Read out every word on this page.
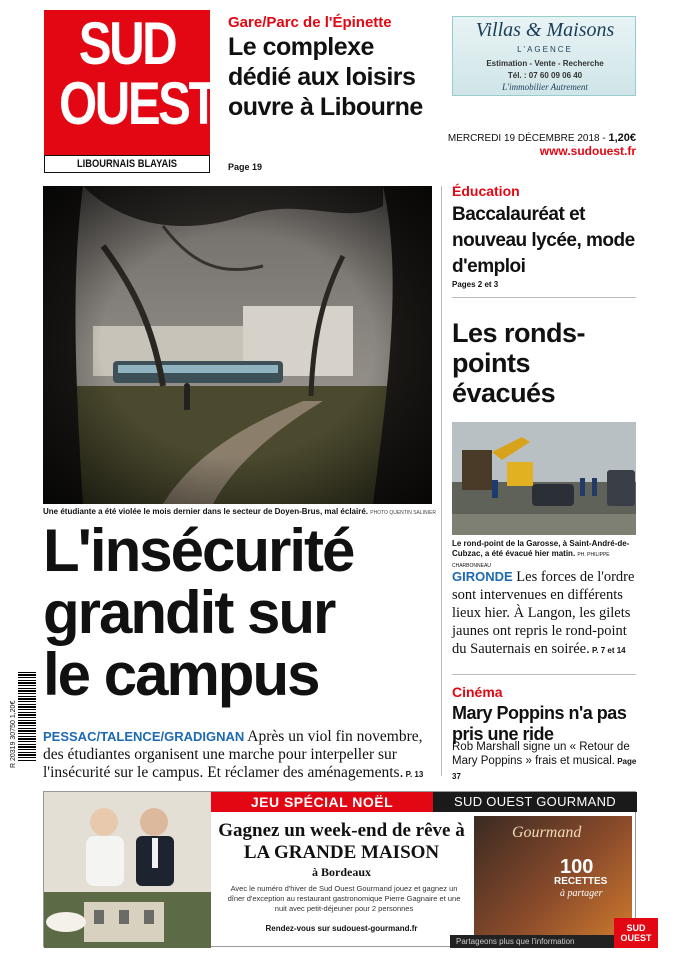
SUD
OUEST
LIBOURNAIS BLAYAIS
Gare/Parc de l'Épinette
Le complexe dédié aux loisirs ouvre à Libourne
Page 19
Villas & Maisons
L'AGENCE
Estimation - Vente - Recherche
Tél. : 07 60 09 06 40
L'immobilier Autrement
MERCREDI 19 DÉCEMBRE 2018 - 1,20€
www.sudouest.fr
Une étudiante a été violée le mois dernier dans le secteur de Doyen-Brus, mal éclairé. PHOTO QUENTIN SALINIER
L'insécurité
grandit sur
le campus
PESSAC/TALENCE/GRADIGNAN Après un viol fin novembre, des étudiantes organisent une marche pour interpeller sur l'insécurité sur le campus. Et réclamer des aménagements. P. 13
R 20319 30750 1,20€
Éducation
Baccalauréat et nouveau lycée, mode d'emploi
Pages 2 et 3
Les ronds-points évacués
Le rond-point de la Garosse, à Saint-André-de-Cubzac, a été évacué hier matin. PH. PHILIPPE CHARBONNEAU
GIRONDE Les forces de l'ordre sont intervenues en différents lieux hier. À Langon, les gilets jaunes ont repris le rond-point du Sauternais en soirée. P. 7 et 14
Cinéma
Mary Poppins n'a pas pris une ride
Rob Marshall signe un « Retour de Mary Poppins » frais et musical. Page 37
JEU SPÉCIAL NOËL	SUD OUEST GOURMAND
Gagnez un week-end de rêve à LA GRANDE MAISON
à Bordeaux
Avec le numéro d'hiver de Sud Ouest Gourmand jouez et gagnez un dîner d'exception au restaurant gastronomique Pierre Gagnaire et une nuit avec petit-déjeuner pour 2 personnes
Rendez-vous sur sudouest-gourmand.fr
Gourmand
100
RECETTES
à partager
Partageons plus que l'information
SUD OUEST
